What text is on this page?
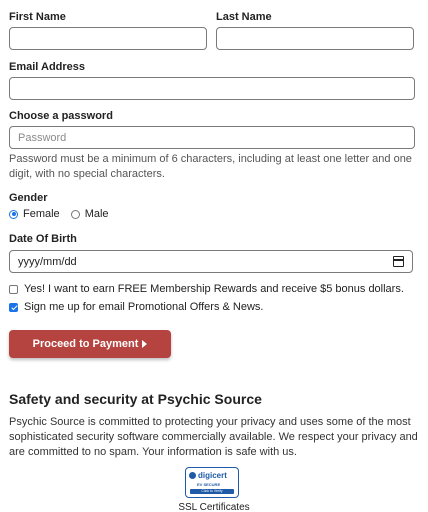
First Name	Last Name
Email Address
Choose a password
Password must be a minimum of 6 characters, including at least one letter and one digit, with no special characters.
Gender
Female Male
Date Of Birth
yyyy/mm/dd
Yes! I want to earn FREE Membership Rewards and receive $5 bonus dollars.
Sign me up for email Promotional Offers & News.
Proceed to Payment
Safety and security at Psychic Source
Psychic Source is committed to protecting your privacy and uses some of the most sophisticated security software commercially available. We respect your privacy and are committed to no spam. Your information is safe with us.
digicert
EV SECURE
Click to Verify
SSL Certificates
